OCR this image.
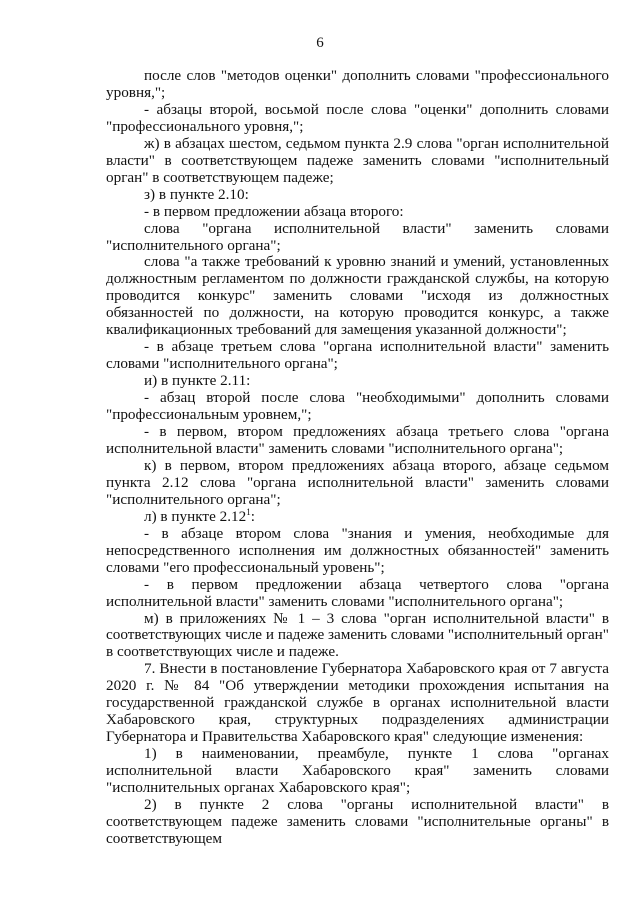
6

после слов "методов оценки" дополнить словами "профессионального уровня,";

- абзацы второй, восьмой после слова "оценки" дополнить словами "профессионального уровня,";

ж) в абзацах шестом, седьмом пункта 2.9 слова "орган исполнительной власти" в соответствующем падеже заменить словами "исполнительный орган" в соответствующем падеже;

з) в пункте 2.10:

- в первом предложении абзаца второго:

слова "органа исполнительной власти" заменить словами "исполнительного органа";

слова "а также требований к уровню знаний и умений, установленных должностным регламентом по должности гражданской службы, на которую проводится конкурс" заменить словами "исходя из должностных обязанностей по должности, на которую проводится конкурс, а также квалификационных требований для замещения указанной должности";

- в абзаце третьем слова "органа исполнительной власти" заменить словами "исполнительного органа";

и) в пункте 2.11:

- абзац второй после слова "необходимыми" дополнить словами "профессиональным уровнем,";

- в первом, втором предложениях абзаца третьего слова "органа исполнительной власти" заменить словами "исполнительного органа";

к) в первом, втором предложениях абзаца второго, абзаце седьмом пункта 2.12 слова "органа исполнительной власти" заменить словами "исполнительного органа";

л) в пункте 2.12$^1$:

- в абзаце втором слова "знания и умения, необходимые для непосредственного исполнения им должностных обязанностей" заменить словами "его профессиональный уровень";

- в первом предложении абзаца четвертого слова "органа исполнительной власти" заменить словами "исполнительного органа";

м) в приложениях № 1 – 3 слова "орган исполнительной власти" в соответствующих числе и падеже заменить словами "исполнительный орган" в соответствующих числе и падеже.

7. Внести в постановление Губернатора Хабаровского края от 7 августа 2020 г. № 84 "Об утверждении методики прохождения испытания на государственной гражданской службе в органах исполнительной власти Хабаровского края, структурных подразделениях администрации Губернатора и Правительства Хабаровского края" следующие изменения:

1) в наименовании, преамбуле, пункте 1 слова "органах исполнительной власти Хабаровского края" заменить словами "исполнительных органах Хабаровского края";

2) в пункте 2 слова "органы исполнительной власти" в соответствующем падеже заменить словами "исполнительные органы" в соответствующем
